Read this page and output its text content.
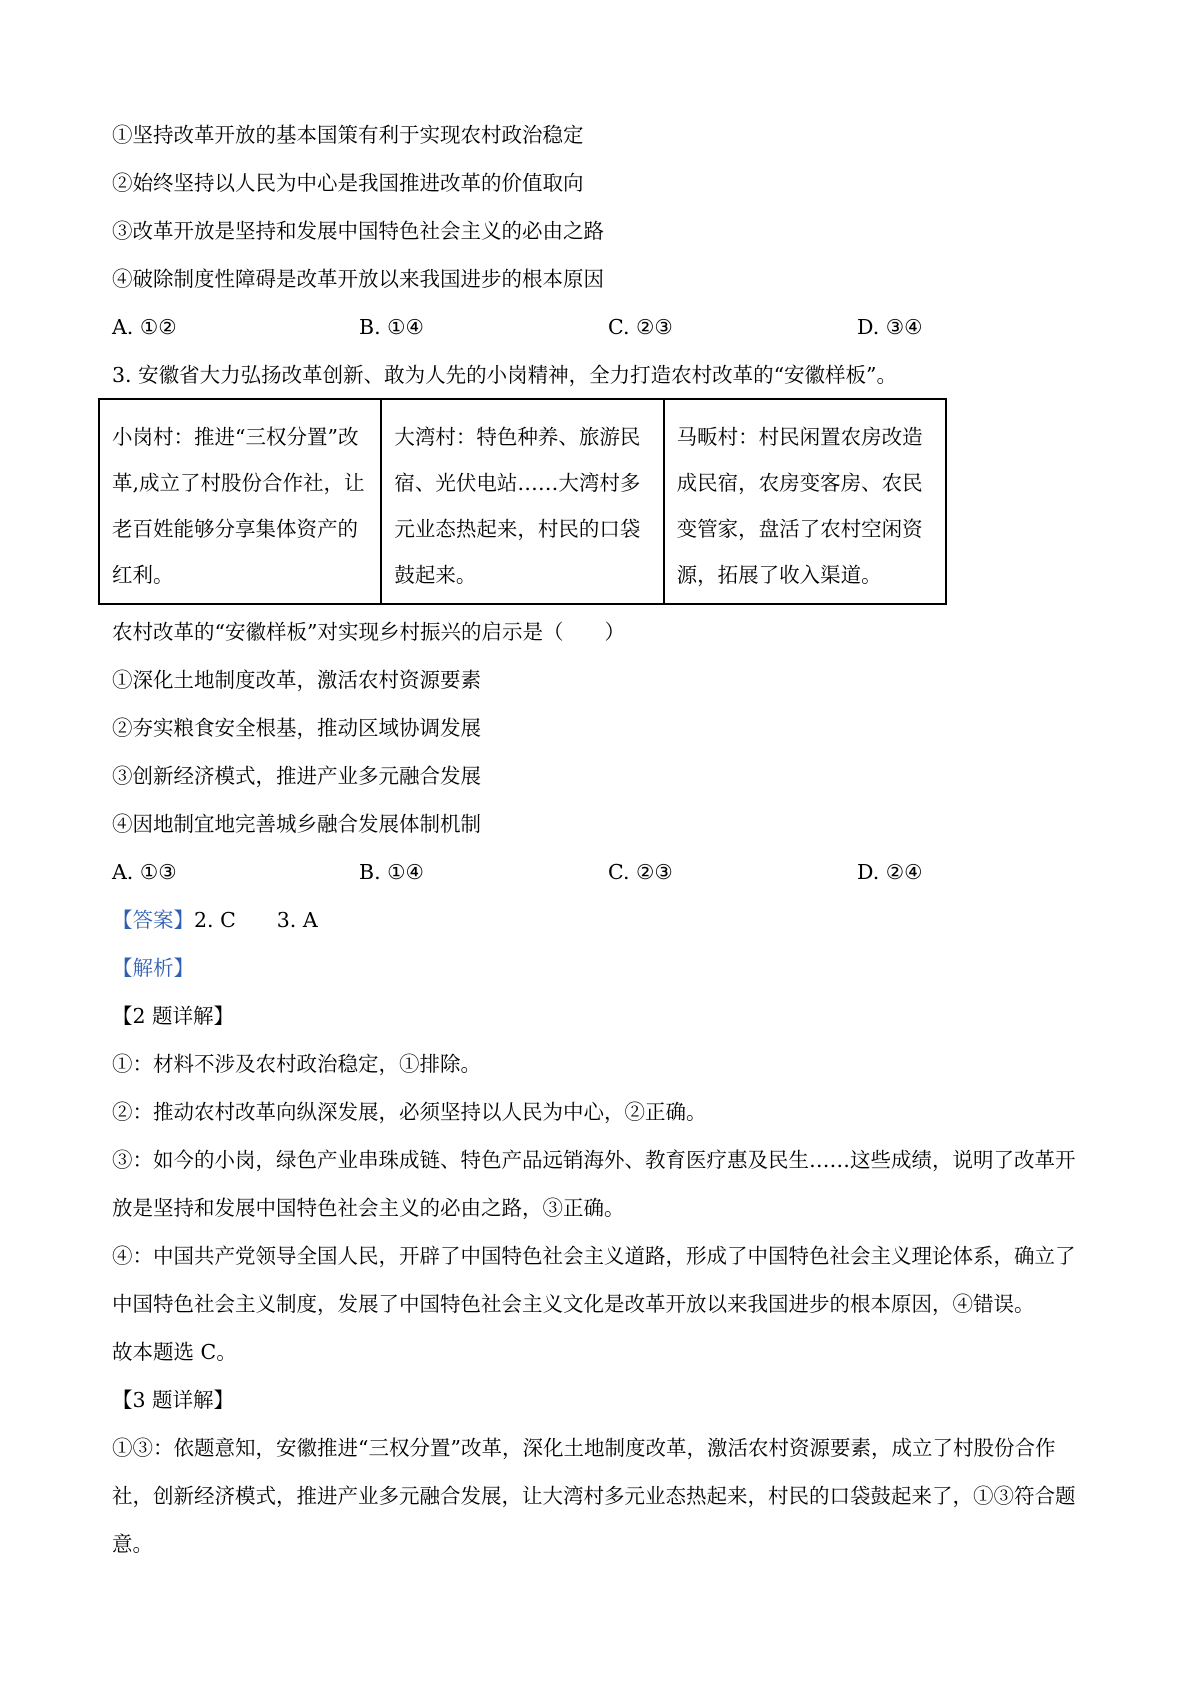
①坚持改革开放的基本国策有利于实现农村政治稳定
②始终坚持以人民为中心是我国推进改革的价值取向
③改革开放是坚持和发展中国特色社会主义的必由之路
④破除制度性障碍是改革开放以来我国进步的根本原因
A. ①②	B. ①④	C. ②③	D. ③④
3. 安徽省大力弘扬改革创新、敢为人先的小岗精神，全力打造农村改革的“安徽样板”。
小岗村：推进“三权分置”改革,成立了村股份合作社，让老百姓能够分享集体资产的红利。	大湾村：特色种养、旅游民宿、光伏电站……大湾村多元业态热起来，村民的口袋鼓起来。	马畈村：村民闲置农房改造成民宿，农房变客房、农民变管家，盘活了农村空闲资源，拓展了收入渠道。
农村改革的“安徽样板”对实现乡村振兴的启示是（　　）
①深化土地制度改革，激活农村资源要素
②夯实粮食安全根基，推动区域协调发展
③创新经济模式，推进产业多元融合发展
④因地制宜地完善城乡融合发展体制机制
A. ①③	B. ①④	C. ②③	D. ②④
【答案】2. C　　3. A
【解析】
【2 题详解】
①：材料不涉及农村政治稳定，①排除。
②：推动农村改革向纵深发展，必须坚持以人民为中心，②正确。
③：如今的小岗，绿色产业串珠成链、特色产品远销海外、教育医疗惠及民生……这些成绩，说明了改革开放是坚持和发展中国特色社会主义的必由之路，③正确。
④：中国共产党领导全国人民，开辟了中国特色社会主义道路，形成了中国特色社会主义理论体系，确立了中国特色社会主义制度，发展了中国特色社会主义文化是改革开放以来我国进步的根本原因，④错误。
故本题选 C。
【3 题详解】
①③：依题意知，安徽推进“三权分置”改革，深化土地制度改革，激活农村资源要素，成立了村股份合作社，创新经济模式，推进产业多元融合发展，让大湾村多元业态热起来，村民的口袋鼓起来了，①③符合题意。
